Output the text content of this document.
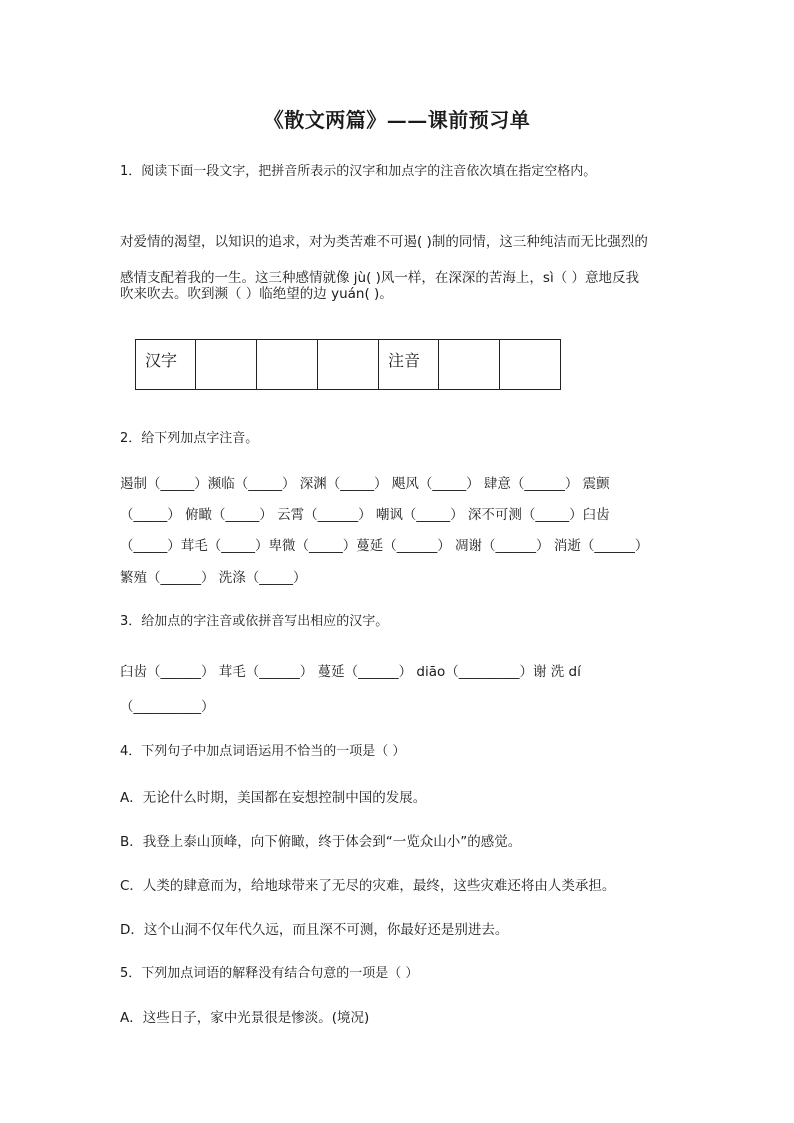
《散文两篇》——课前预习单
1．阅读下面一段文字，把拼音所表示的汉字和加点字的注音依次填在指定空格内。
对爱情的渴望，以知识的追求，对为类苦难不可遏( )制的同情，这三种纯洁而无比强烈的
感情支配着我的一生。这三种感情就像 jù( )风一样，在深深的苦海上，sì（ ）意地反我
吹来吹去。吹到濒（ ）临绝望的边 yuán( )。
汉字				注音		
2．给下列加点字注音。
遏制（_____）濒临（_____） 深渊（_____） 飓风（_____） 肆意（______） 震颤
（_____） 俯瞰（_____） 云霄（______） 嘲讽（_____） 深不可测（_____）臼齿
（_____）茸毛（_____）卑微（_____）蔓延（______） 凋谢（______） 消逝（______）
繁殖（______） 洗涤（_____）
3．给加点的字注音或依拼音写出相应的汉字。
臼齿（______） 茸毛（______） 蔓延（______） diāo（_________）谢 洗 dí
（__________）
4．下列句子中加点词语运用不恰当的一项是（ ）
A．无论什么时期，美国都在妄想控制中国的发展。
B．我登上泰山顶峰，向下俯瞰，终于体会到“一览众山小”的感觉。
C．人类的肆意而为，给地球带来了无尽的灾难，最终，这些灾难还将由人类承担。
D．这个山洞不仅年代久远，而且深不可测，你最好还是别进去。
5．下列加点词语的解释没有结合句意的一项是（ ）
A．这些日子，家中光景很是惨淡。(境况)
